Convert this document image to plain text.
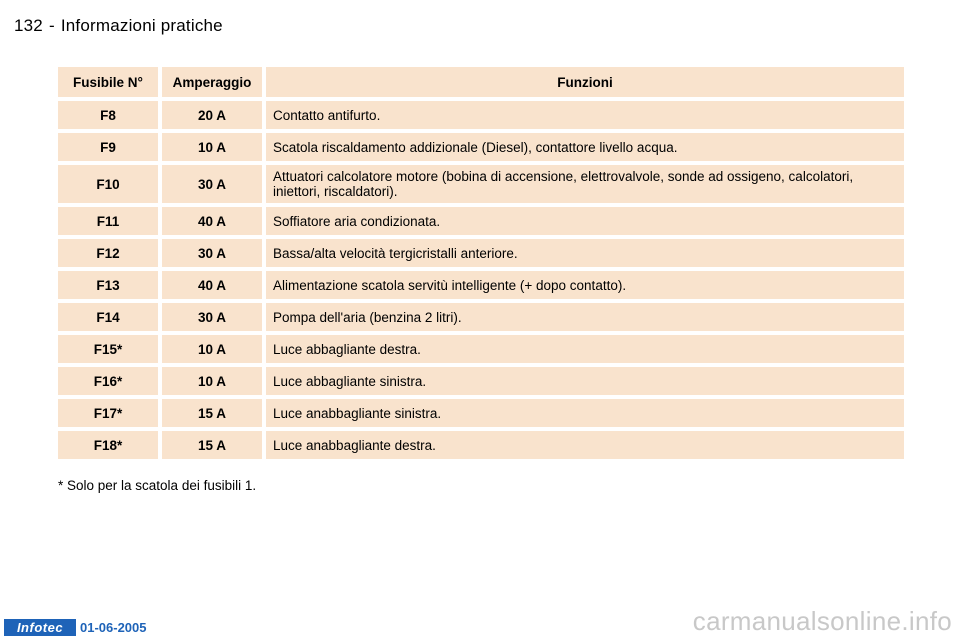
132 - Informazioni pratiche
Fusibile N°	Amperaggio	Funzioni
F8	20 A	Contatto antifurto.
F9	10 A	Scatola riscaldamento addizionale (Diesel), contattore livello acqua.
F10	30 A	Attuatori calcolatore motore (bobina di accensione, elettrovalvole, sonde ad ossigeno, calcolatori, iniettori, riscaldatori).
F11	40 A	Soffiatore aria condizionata.
F12	30 A	Bassa/alta velocità tergicristalli anteriore.
F13	40 A	Alimentazione scatola servitù intelligente (+ dopo contatto).
F14	30 A	Pompa dell'aria (benzina 2 litri).
F15*	10 A	Luce abbagliante destra.
F16*	10 A	Luce abbagliante sinistra.
F17*	15 A	Luce anabbagliante sinistra.
F18*	15 A	Luce anabbagliante destra.
* Solo per la scatola dei fusibili 1.
Infotec	01-06-2005	carmanualsonline.info
